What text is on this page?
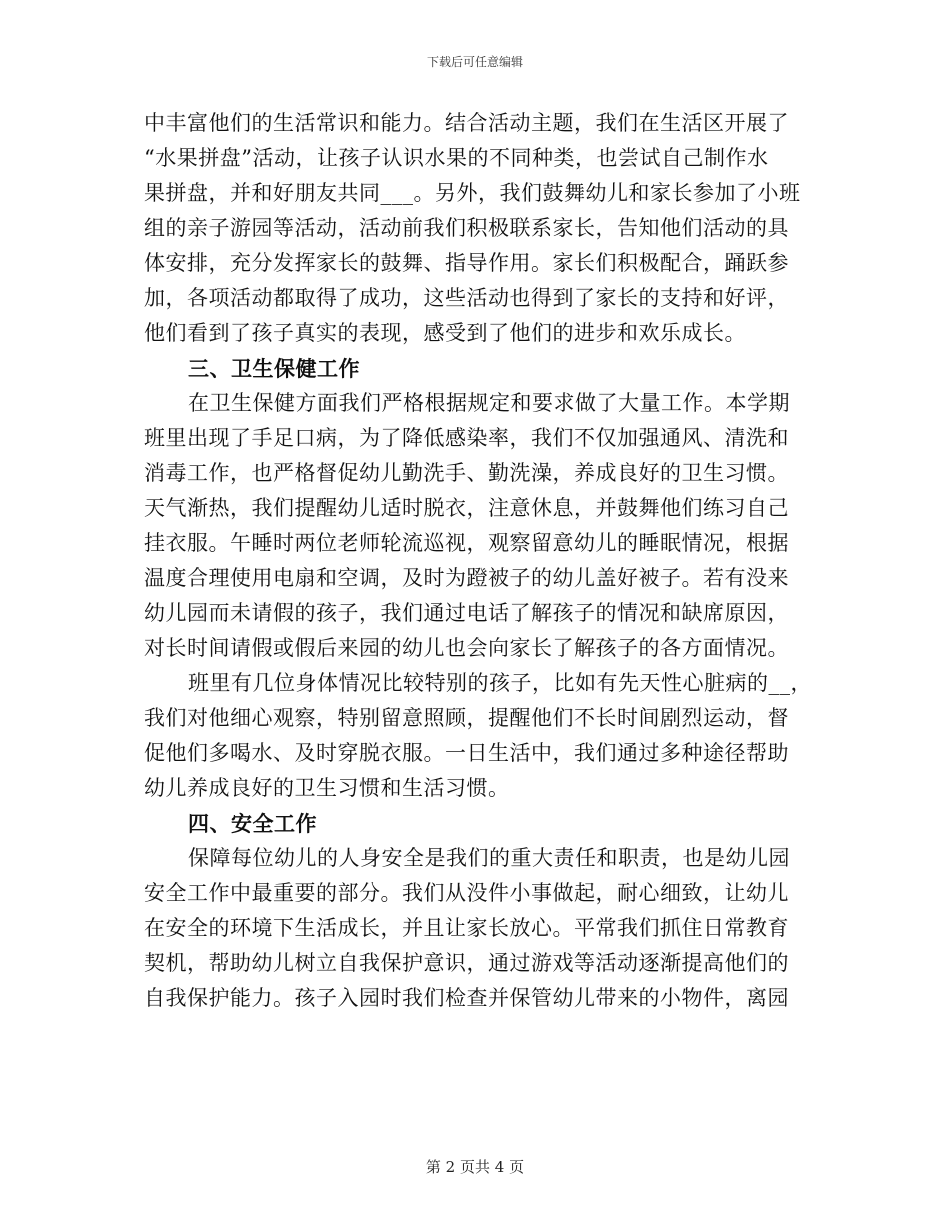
下载后可任意编辑

中丰富他们的生活常识和能力。结合活动主题，我们在生活区开展了

“水果拼盘”活动，让孩子认识水果的不同种类，也尝试自己制作水

果拼盘，并和好朋友共同___。另外，我们鼓舞幼儿和家长参加了小班

组的亲子游园等活动，活动前我们积极联系家长，告知他们活动的具

体安排，充分发挥家长的鼓舞、指导作用。家长们积极配合，踊跃参

加，各项活动都取得了成功，这些活动也得到了家长的支持和好评，

他们看到了孩子真实的表现，感受到了他们的进步和欢乐成长。

三、卫生保健工作

在卫生保健方面我们严格根据规定和要求做了大量工作。本学期

班里出现了手足口病，为了降低感染率，我们不仅加强通风、清洗和

消毒工作，也严格督促幼儿勤洗手、勤洗澡，养成良好的卫生习惯。

天气渐热，我们提醒幼儿适时脱衣，注意休息，并鼓舞他们练习自己

挂衣服。午睡时两位老师轮流巡视，观察留意幼儿的睡眠情况，根据

温度合理使用电扇和空调，及时为蹬被子的幼儿盖好被子。若有没来

幼儿园而未请假的孩子，我们通过电话了解孩子的情况和缺席原因，

对长时间请假或假后来园的幼儿也会向家长了解孩子的各方面情况。

班里有几位身体情况比较特别的孩子，比如有先天性心脏病的__，

我们对他细心观察，特别留意照顾，提醒他们不长时间剧烈运动，督

促他们多喝水、及时穿脱衣服。一日生活中，我们通过多种途径帮助

幼儿养成良好的卫生习惯和生活习惯。

四、安全工作

保障每位幼儿的人身安全是我们的重大责任和职责，也是幼儿园

安全工作中最重要的部分。我们从没件小事做起，耐心细致，让幼儿

在安全的环境下生活成长，并且让家长放心。平常我们抓住日常教育

契机，帮助幼儿树立自我保护意识，通过游戏等活动逐渐提高他们的

自我保护能力。孩子入园时我们检查并保管幼儿带来的小物件，离园

第 2 页共 4 页
